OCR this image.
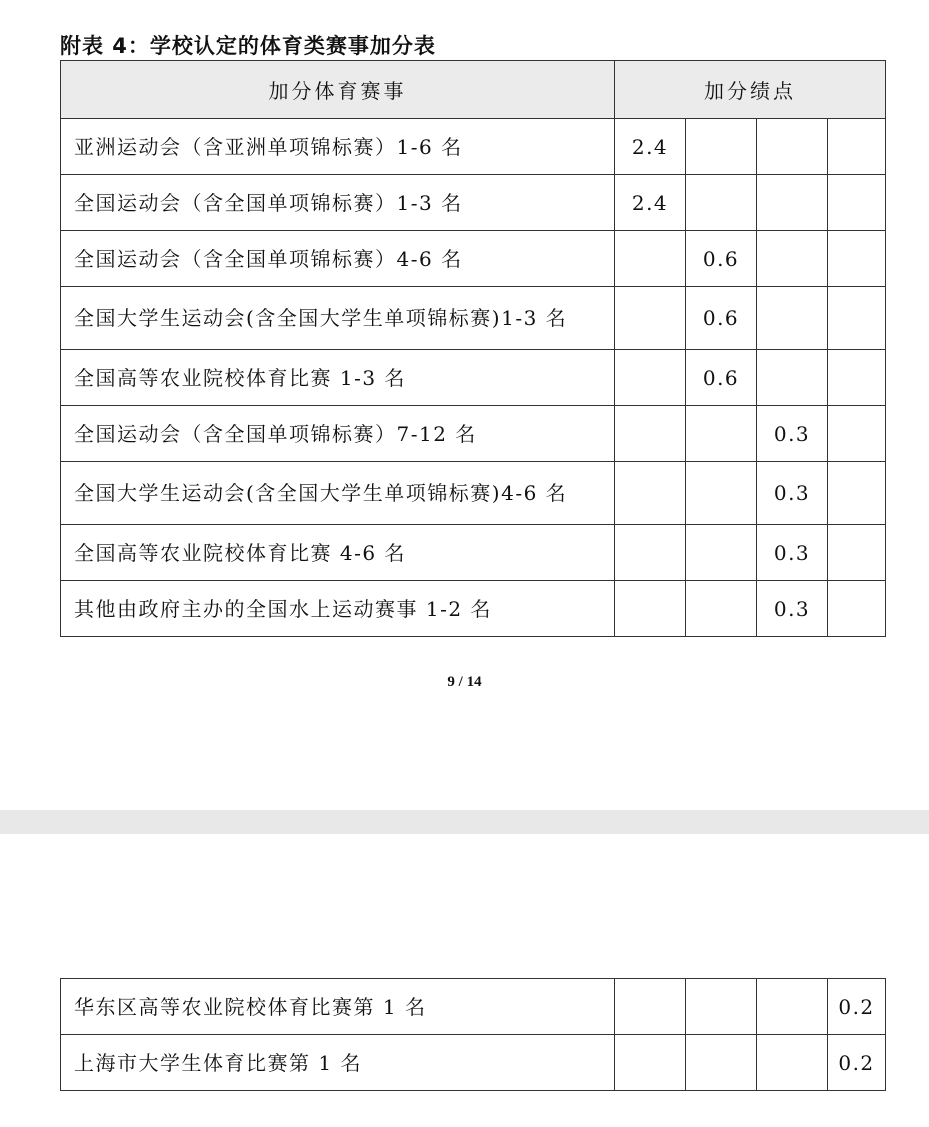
附表 4：学校认定的体育类赛事加分表
加分体育赛事	加分绩点			
亚洲运动会（含亚洲单项锦标赛）1-6 名	2.4			
全国运动会（含全国单项锦标赛）1-3 名	2.4			
全国运动会（含全国单项锦标赛）4-6 名		0.6		
全国大学生运动会(含全国大学生单项锦标赛)1-3 名		0.6		
全国高等农业院校体育比赛 1-3 名		0.6		
全国运动会（含全国单项锦标赛）7-12 名			0.3	
全国大学生运动会(含全国大学生单项锦标赛)4-6 名			0.3	
全国高等农业院校体育比赛 4-6 名			0.3	
其他由政府主办的全国水上运动赛事 1-2 名			0.3	
9 / 14
华东区高等农业院校体育比赛第 1 名				0.2
上海市大学生体育比赛第 1 名				0.2
